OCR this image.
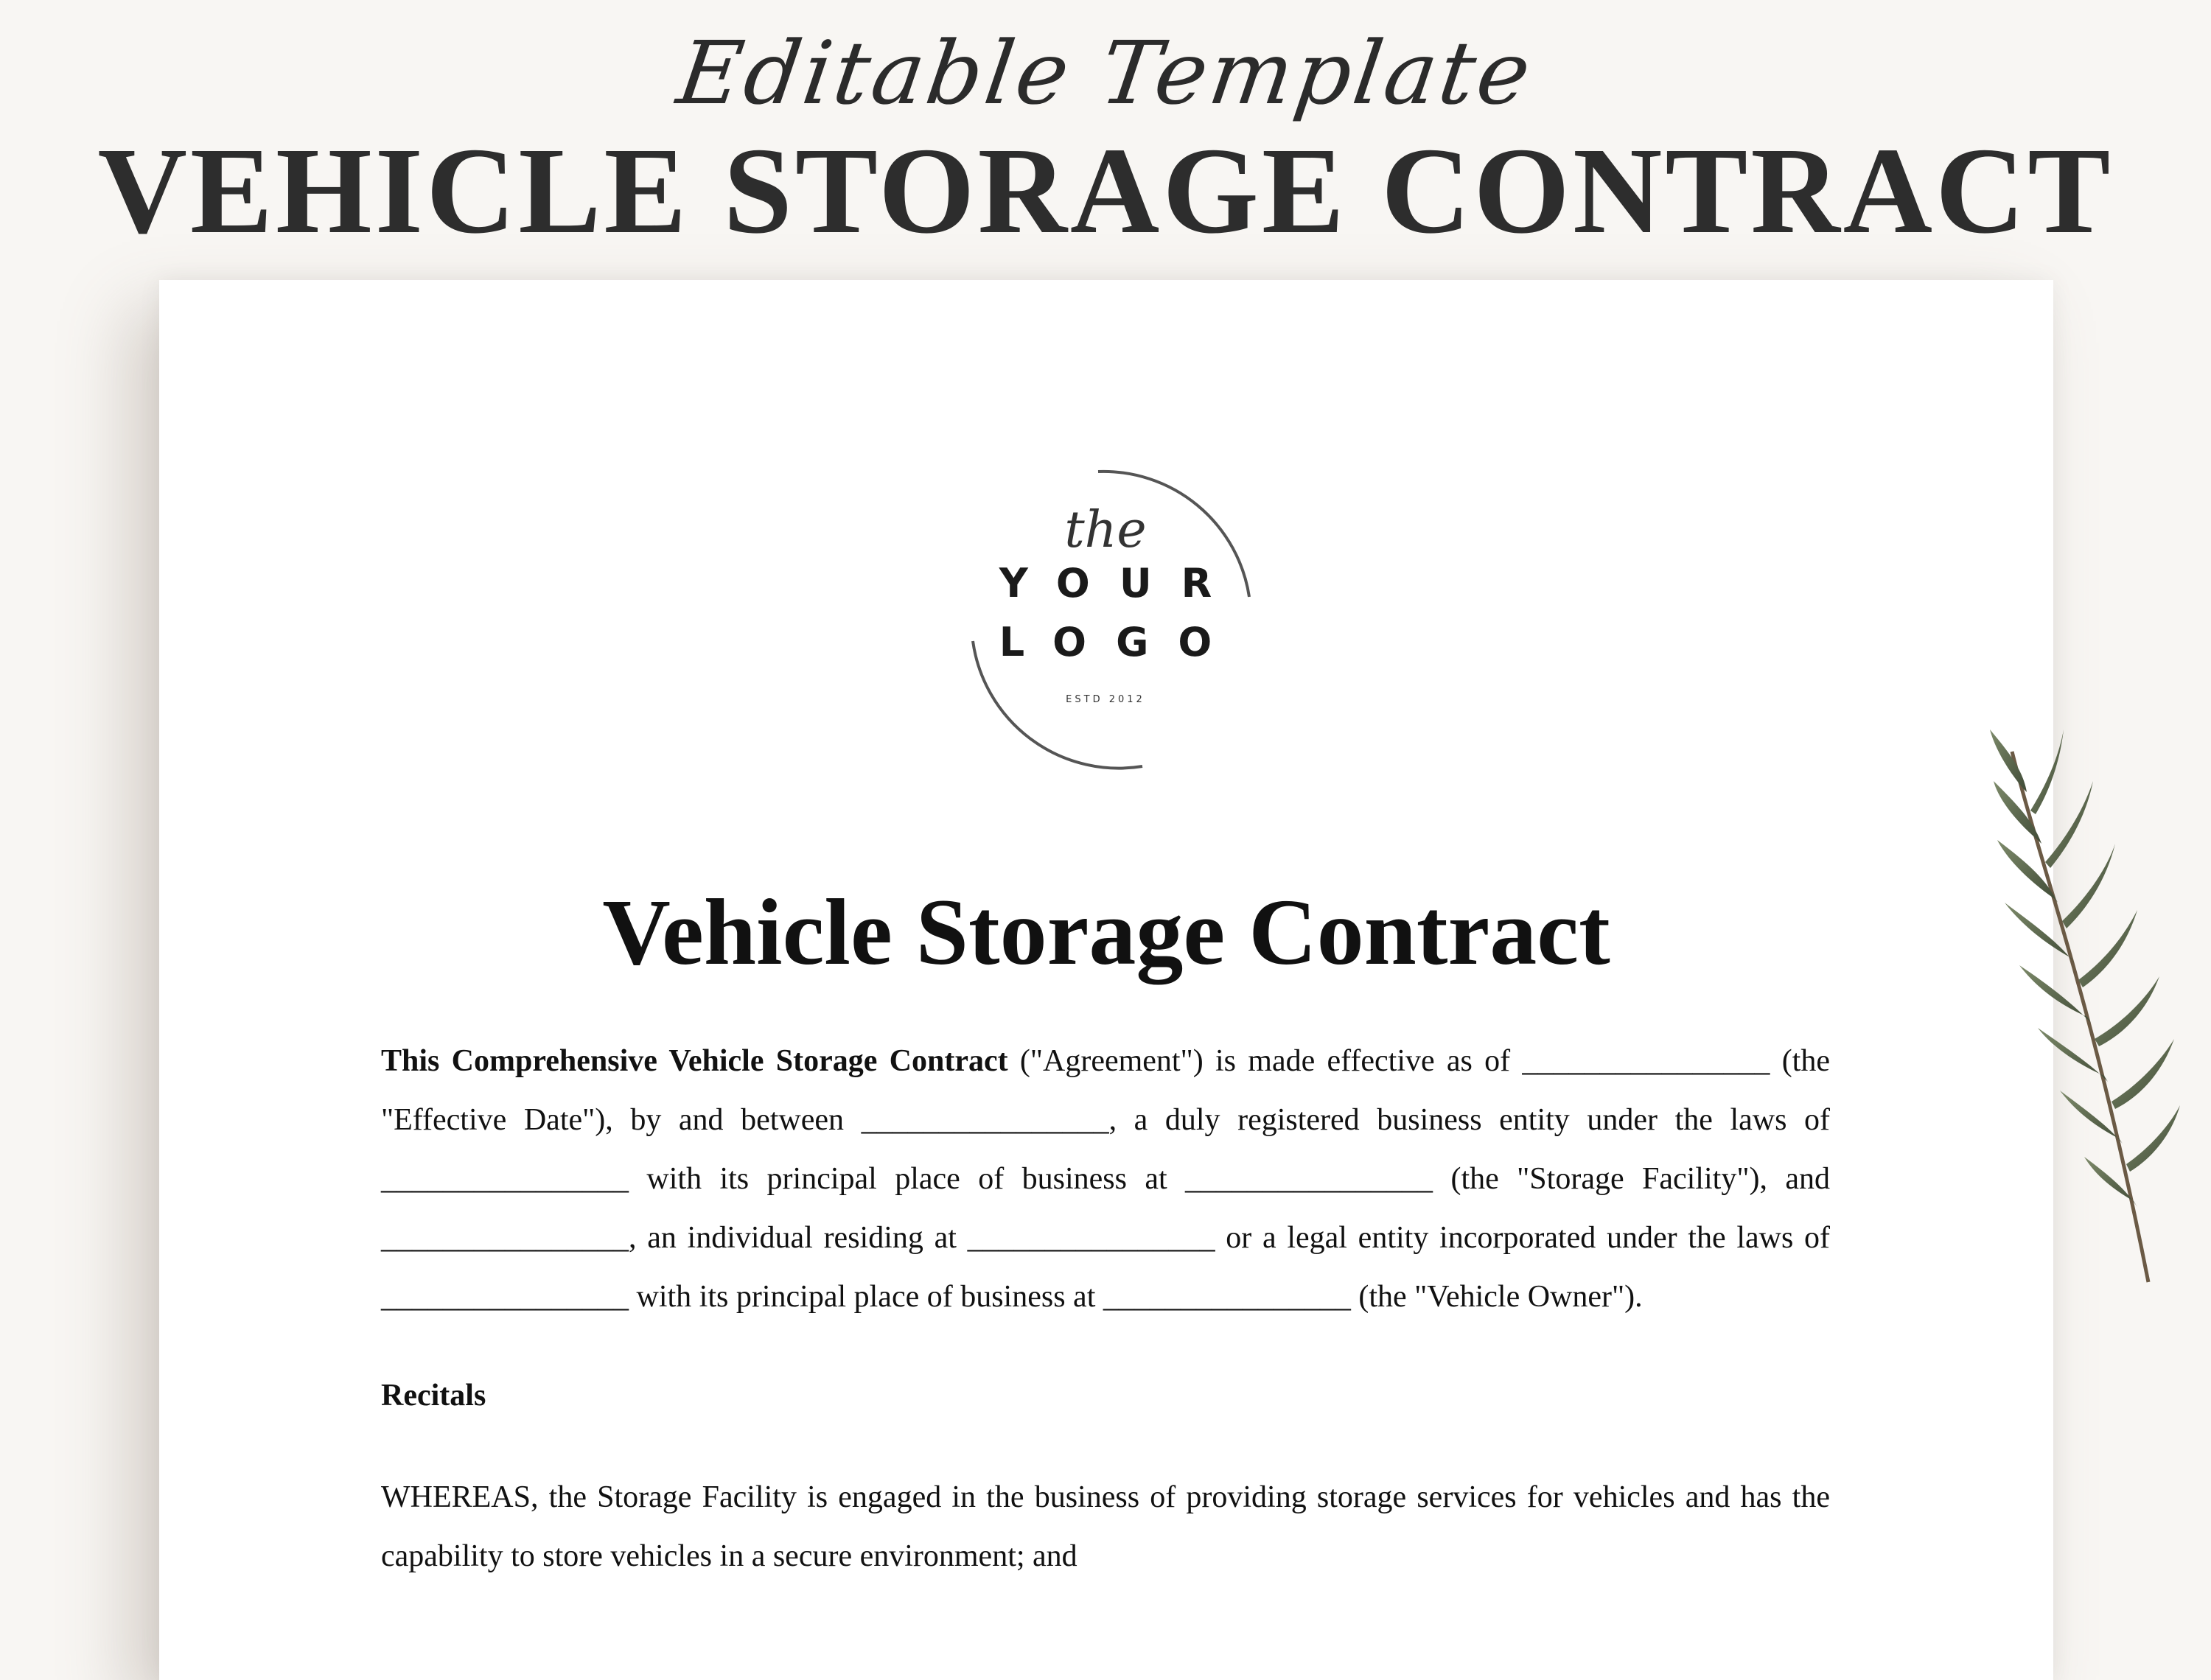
Editable Template
VEHICLE STORAGE CONTRACT
the
YOUR
LOGO
ESTD 2012
Vehicle Storage Contract

This Comprehensive Vehicle Storage Contract ("Agreement") is made effective as of ________________ (the "Effective Date"), by and between ________________, a duly registered business entity under the laws of ________________ with its principal place of business at ________________ (the "Storage Facility"), and ________________, an individual residing at ________________ or a legal entity incorporated under the laws of ________________ with its principal place of business at ________________ (the "Vehicle Owner").

Recitals

WHEREAS, the Storage Facility is engaged in the business of providing storage services for vehicles and has the capability to store vehicles in a secure environment; and
